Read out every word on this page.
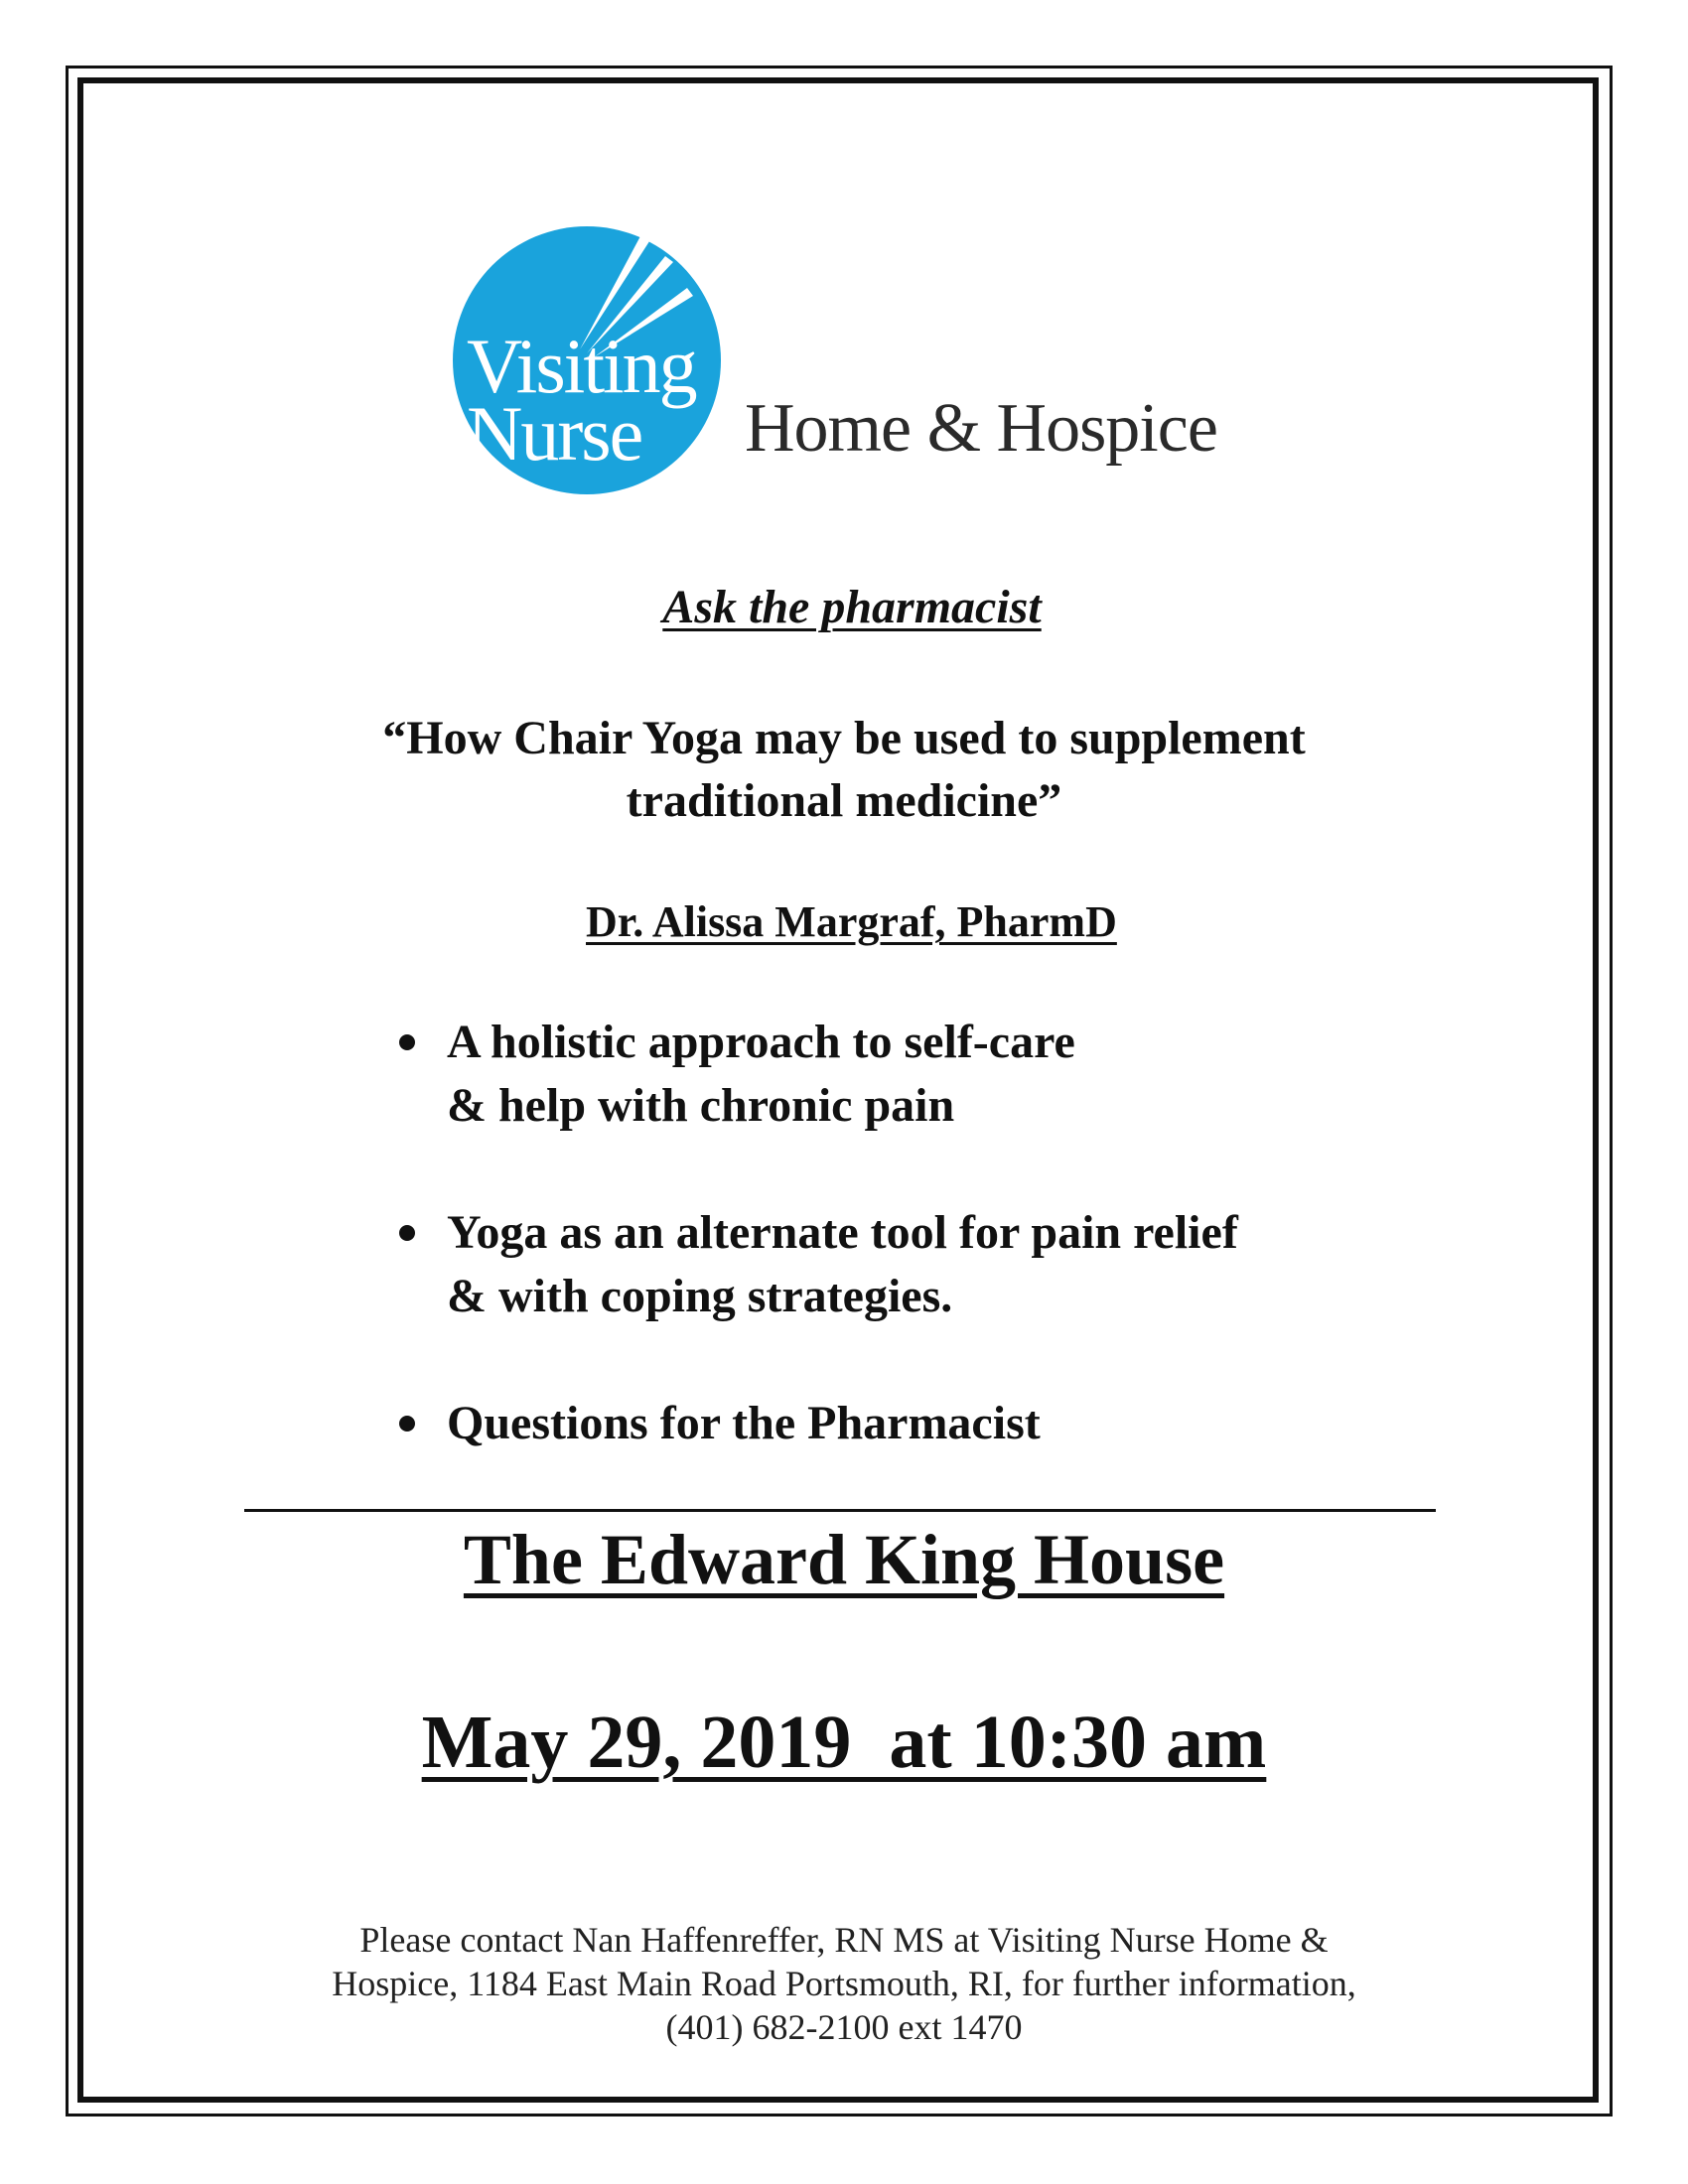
Visiting
Nurse Home & Hospice
Ask the pharmacist
“How Chair Yoga may be used to supplement
traditional medicine”
Dr. Alissa Margraf, PharmD
A holistic approach to self-care
& help with chronic pain
Yoga as an alternate tool for pain relief
& with coping strategies.
Questions for the Pharmacist
The Edward King House
May 29, 2019  at 10:30 am
Please contact Nan Haffenreffer, RN MS at Visiting Nurse Home &
Hospice, 1184 East Main Road Portsmouth, RI, for further information,
(401) 682-2100 ext 1470
